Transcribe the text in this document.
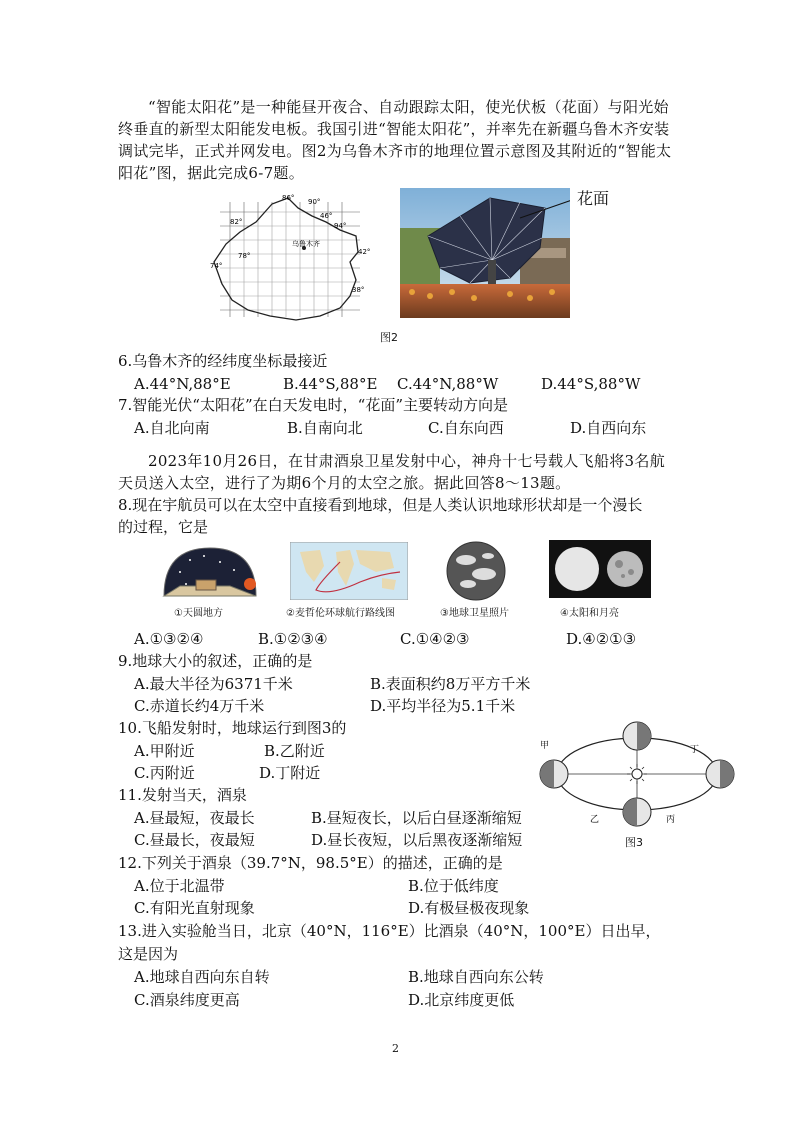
“智能太阳花”是一种能昼开夜合、自动跟踪太阳，使光伏板（花面）与阳光始终垂直的新型太阳能发电板。我国引进“智能太阳花”，并率先在新疆乌鲁木齐安装调试完毕，正式并网发电。图2为乌鲁木齐市的地理位置示意图及其附近的“智能太阳花”图，据此完成6-7题。
乌鲁木齐
86° 90°
82°
46°
94°
42°
78°
74°
38°
花面
图2
6.乌鲁木齐的经纬度坐标最接近
A.44°N,88°E	B.44°S,88°E C.44°N,88°W	D.44°S,88°W
7.智能光伏“太阳花”在白天发电时，“花面”主要转动方向是
A.自北向南	B.自南向北	C.自东向西	D.自西向东
2023年10月26日，在甘肃酒泉卫星发射中心，神舟十七号载人飞船将3名航天员送入太空，进行了为期6个月的太空之旅。据此回答8～13题。
8.现在宇航员可以在太空中直接看到地球，但是人类认识地球形状却是一个漫长
的过程，它是
①天圆地方	②麦哲伦环球航行路线图	③地球卫星照片	④太阳和月亮
A.①③②④	B.①②③④	C.①④②③	D.④②①③
9.地球大小的叙述，正确的是
A.最大半径为6371千米	B.表面积约8万平方千米
C.赤道长约4万千米	D.平均半径为5.1千米
10.飞船发射时，地球运行到图3的
A.甲附近	B.乙附近
C.丙附近	D.丁附近
甲
乙	丙
丁
图3
11.发射当天，酒泉
A.昼最短，夜最长	B.昼短夜长，以后白昼逐渐缩短
C.昼最长，夜最短	D.昼长夜短，以后黑夜逐渐缩短
12.下列关于酒泉（39.7°N，98.5°E）的描述，正确的是
A.位于北温带	B.位于低纬度
C.有阳光直射现象	D.有极昼极夜现象
13.进入实验舱当日，北京（40°N，116°E）比酒泉（40°N，100°E）日出早，
这是因为
A.地球自西向东自转	B.地球自西向东公转
C.酒泉纬度更高	D.北京纬度更低
2
